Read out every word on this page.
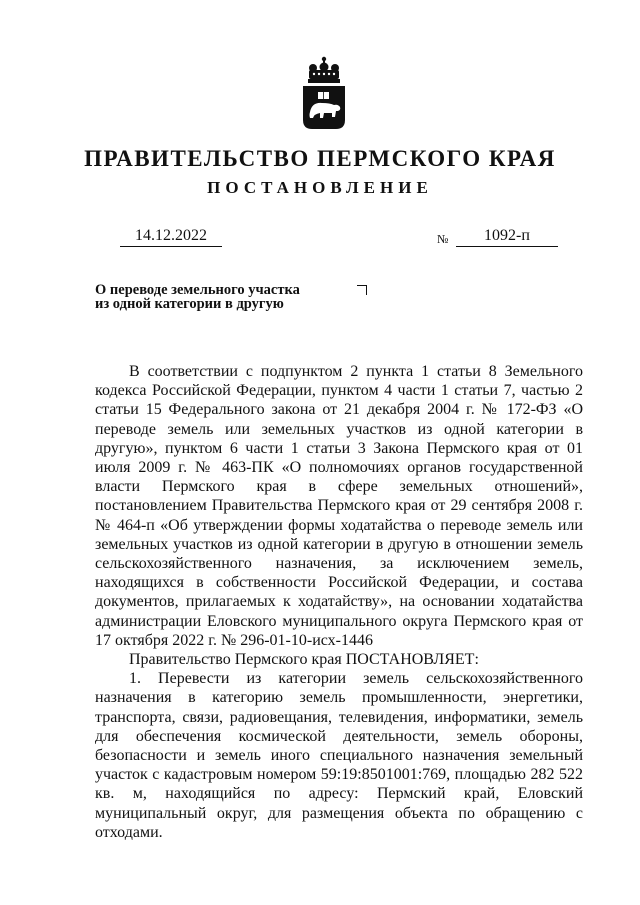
ПРАВИТЕЛЬСТВО ПЕРМСКОГО КРАЯ
ПОСТАНОВЛЕНИЕ
14.12.2022	№	1092-п
О переводе земельного участка
из одной категории в другую

В соответствии с подпунктом 2 пункта 1 статьи 8 Земельного кодекса Российской Федерации, пунктом 4 части 1 статьи 7, частью 2 статьи 15 Федерального закона от 21 декабря 2004 г. № 172-ФЗ «О переводе земель или земельных участков из одной категории в другую», пунктом 6 части 1 статьи 3 Закона Пермского края от 01 июля 2009 г. № 463-ПК «О полномочиях органов государственной власти Пермского края в сфере земельных отношений», постановлением Правительства Пермского края от 29 сентября 2008 г. № 464-п «Об утверждении формы ходатайства о переводе земель или земельных участков из одной категории в другую в отношении земель сельскохозяйственного назначения, за исключением земель, находящихся в собственности Российской Федерации, и состава документов, прилагаемых к ходатайству», на основании ходатайства администрации Еловского муниципального округа Пермского края от 17 октября 2022 г. № 296-01-10-исх-1446

Правительство Пермского края ПОСТАНОВЛЯЕТ:

1. Перевести из категории земель сельскохозяйственного назначения в категорию земель промышленности, энергетики, транспорта, связи, радиовещания, телевидения, информатики, земель для обеспечения космической деятельности, земель обороны, безопасности и земель иного специального назначения земельный участок с кадастровым номером 59:19:8501001:769, площадью 282 522 кв. м, находящийся по адресу: Пермский край, Еловский муниципальный округ, для размещения объекта по обращению с отходами.
